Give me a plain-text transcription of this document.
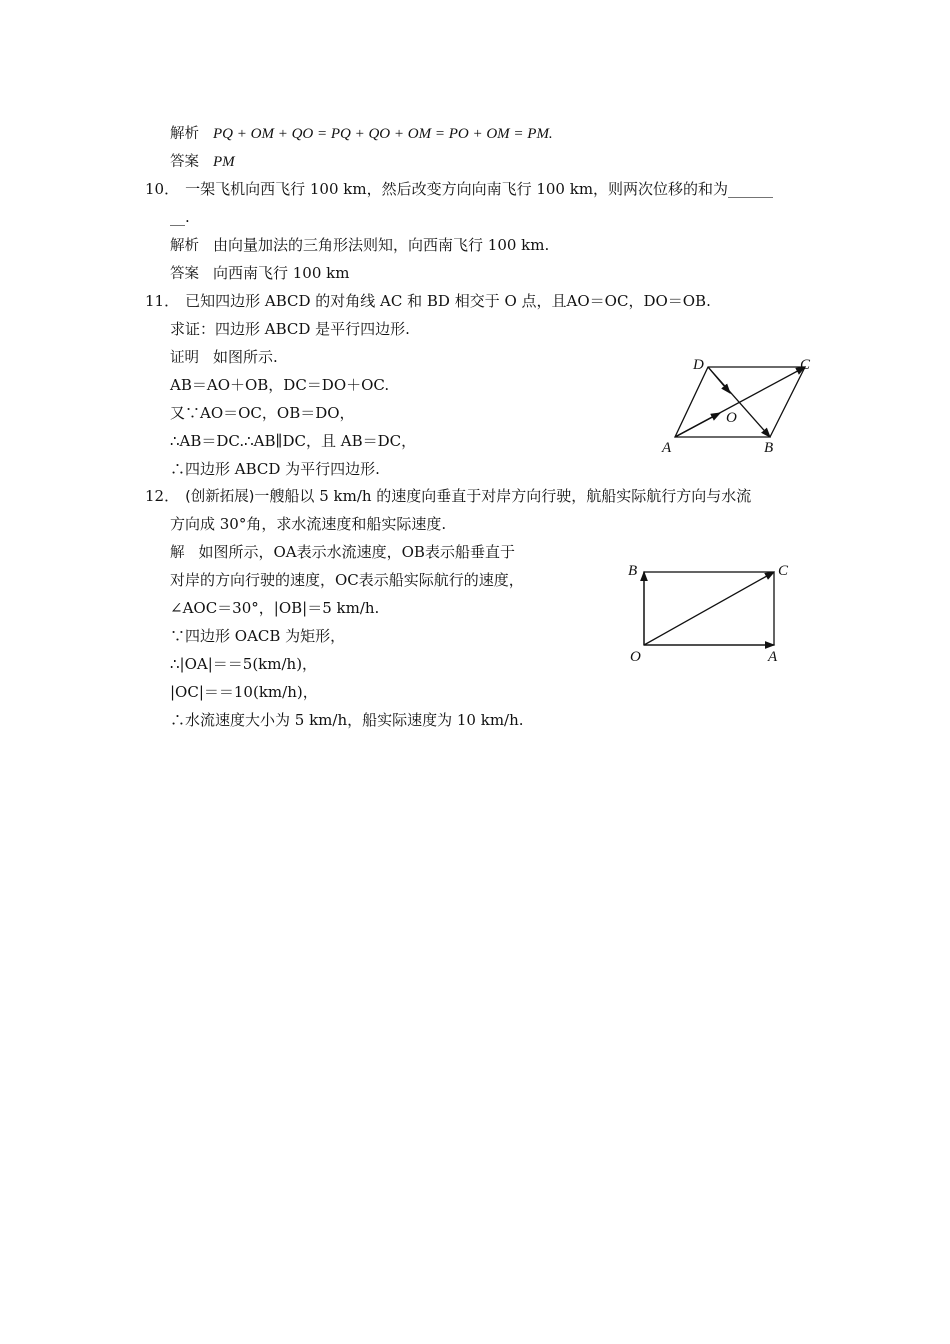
解析 PQ + OM + QO = PQ + QO + OM = PO + OM = PM.
答案 PM
10． 一架飞机向西飞行 100 km，然后改变方向向南飞行 100 km，则两次位移的和为______
__.
解析 由向量加法的三角形法则知，向西南飞行 100 km.
答案 向西南飞行 100 km
11． 已知四边形 ABCD 的对角线 AC 和 BD 相交于 O 点，且AO＝OC，DO＝OB.
求证：四边形 ABCD 是平行四边形.
证明 如图所示.
AB＝AO＋OB，DC＝DO＋OC.
又∵AO＝OC，OB＝DO，
∴AB＝DC.∴AB∥DC，且 AB＝DC，
∴四边形 ABCD 为平行四边形.
D	C
O
A	B
12． (创新拓展)一艘船以 5 km/h 的速度向垂直于对岸方向行驶，航船实际航行方向与水流
方向成 30°角，求水流速度和船实际速度.
解 如图所示，OA表示水流速度，OB表示船垂直于
对岸的方向行驶的速度，OC表示船实际航行的速度，
∠AOC＝30°，|OB|＝5 km/h.
∵四边形 OACB 为矩形，
∴|OA|＝＝5(km/h)，
|OC|＝＝10(km/h)，
∴水流速度大小为 5 km/h，船实际速度为 10 km/h.
B	C
O	A
